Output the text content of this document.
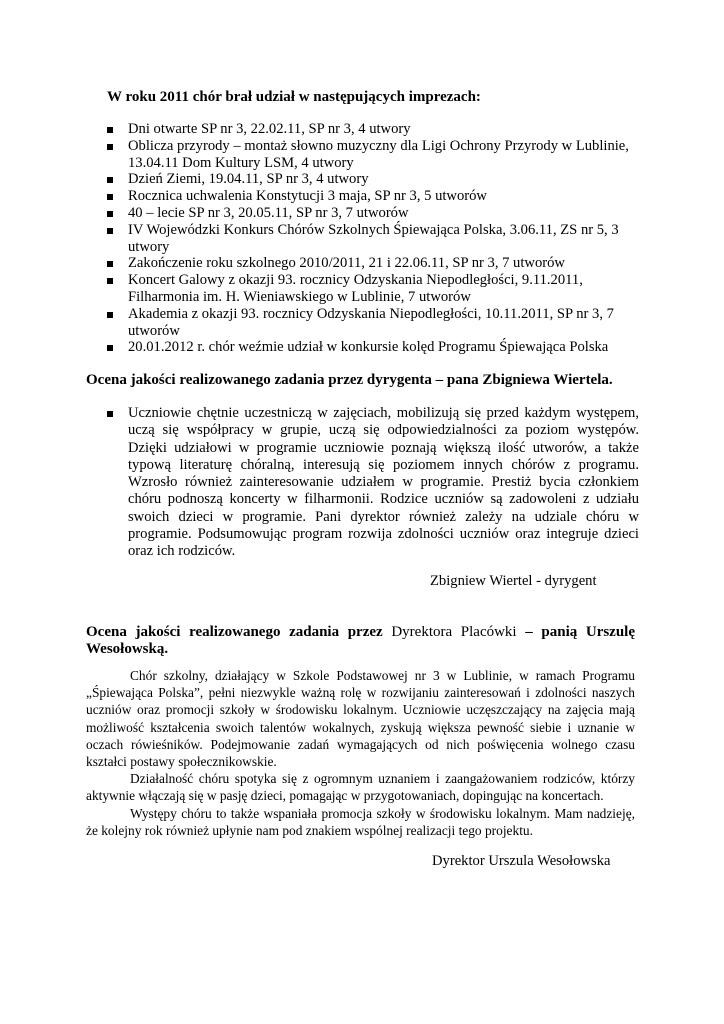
W roku 2011 chór brał udział w następujących imprezach:

Dni otwarte SP nr 3, 22.02.11, SP nr 3, 4 utwory
Oblicza przyrody – montaż słowno muzyczny dla Ligi Ochrony Przyrody w Lublinie, 13.04.11 Dom Kultury LSM, 4 utwory
Dzień Ziemi, 19.04.11, SP nr 3, 4 utwory
Rocznica uchwalenia Konstytucji 3 maja, SP nr 3, 5 utworów
40 – lecie SP nr 3, 20.05.11, SP nr 3, 7 utworów
IV Wojewódzki Konkurs Chórów Szkolnych Śpiewająca Polska, 3.06.11, ZS nr 5, 3 utwory
Zakończenie roku szkolnego 2010/2011, 21 i 22.06.11, SP nr 3, 7 utworów
Koncert Galowy z okazji 93. rocznicy Odzyskania Niepodległości, 9.11.2011, Filharmonia im. H. Wieniawskiego w Lublinie, 7 utworów
Akademia z okazji 93. rocznicy Odzyskania Niepodległości, 10.11.2011, SP nr 3, 7 utworów
20.01.2012 r. chór weźmie udział w konkursie kolęd Programu Śpiewająca Polska

Ocena jakości realizowanego zadania przez dyrygenta – pana Zbigniewa Wiertela.

Uczniowie chętnie uczestniczą w zajęciach, mobilizują się przed każdym występem, uczą się współpracy w grupie, uczą się odpowiedzialności za poziom występów. Dzięki udziałowi w programie uczniowie poznają większą ilość utworów, a także typową literaturę chóralną, interesują się poziomem innych chórów z programu. Wzrosło również zainteresowanie udziałem w programie. Prestiż bycia członkiem chóru podnoszą koncerty w filharmonii. Rodzice uczniów są zadowoleni z udziału swoich dzieci w programie. Pani dyrektor również zależy na udziale chóru w programie. Podsumowując program rozwija zdolności uczniów oraz integruje dzieci oraz ich rodziców.

Zbigniew Wiertel - dyrygent

Ocena jakości realizowanego zadania przez Dyrektora Placówki – panią Urszulę Wesołowską.

Chór szkolny, działający w Szkole Podstawowej nr 3 w Lublinie, w ramach Programu „Śpiewająca Polska”, pełni niezwykle ważną rolę w rozwijaniu zainteresowań i zdolności naszych uczniów oraz promocji szkoły w środowisku lokalnym. Uczniowie uczęszczający na zajęcia mają możliwość kształcenia swoich talentów wokalnych, zyskują większa pewność siebie i uznanie w oczach rówieśników. Podejmowanie zadań wymagających od nich poświęcenia wolnego czasu kształci postawy społecznikowskie.

Działalność chóru spotyka się z ogromnym uznaniem i zaangażowaniem rodziców, którzy aktywnie włączają się w pasję dzieci, pomagając w przygotowaniach, dopingując na koncertach.

Występy chóru to także wspaniała promocja szkoły w środowisku lokalnym. Mam nadzieję, że kolejny rok również upłynie nam pod znakiem wspólnej realizacji tego projektu.

Dyrektor Urszula Wesołowska
